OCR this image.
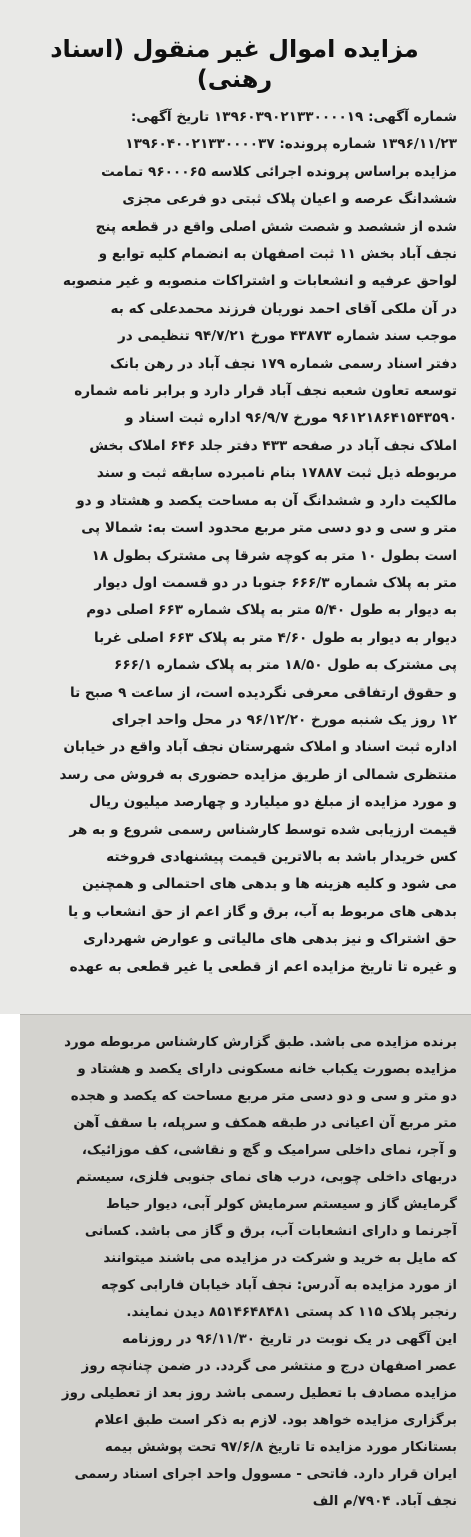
مزایده اموال غیر منقول (اسناد رهنی)
شماره آگهی: ۱۳۹۶۰۳۹۰۲۱۳۳۰۰۰۰۱۹ تاریخ آگهی:
۱۳۹۶/۱۱/۲۳ شماره پرونده: ۱۳۹۶۰۴۰۰۲۱۳۳۰۰۰۰۳۷
مزایده براساس پرونده اجرائی کلاسه ۹۶۰۰۰۶۵ تمامت
ششدانگ عرصه و اعیان پلاک ثبتی دو فرعی مجزی
شده از ششصد و شصت شش اصلی واقع در قطعه پنج
نجف آباد بخش ۱۱ ثبت اصفهان به انضمام کلیه توابع و
لواحق عرفیه و انشعابات و اشتراکات منصوبه و غیر منصوبه
در آن ملکی آقای احمد نوریان فرزند محمدعلی که به
موجب سند شماره ۴۳۸۷۳ مورخ ۹۴/۷/۲۱ تنظیمی در
دفتر اسناد رسمی شماره ۱۷۹ نجف آباد در رهن بانک
توسعه تعاون شعبه نجف آباد قرار دارد و برابر نامه شماره
۹۶۱۲۱۸۶۴۱۵۴۳۵۹۰ مورخ ۹۶/۹/۷ اداره ثبت اسناد و
املاک نجف آباد در صفحه ۴۳۳ دفتر جلد ۶۴۶ املاک بخش
مربوطه ذیل ثبت ۱۷۸۸۷ بنام نامبرده سابقه ثبت و سند
مالکیت دارد و ششدانگ آن به مساحت یکصد و هشتاد و دو
متر و سی و دو دسی متر مربع محدود است به: شمالا پی
است بطول ۱۰ متر به کوچه شرقا پی مشترک بطول ۱۸
متر به پلاک شماره ۶۶۶/۳ جنوبا در دو قسمت اول دیوار
به دیوار به طول ۵/۴۰ متر به پلاک شماره ۶۶۳ اصلی دوم
دیوار به دیوار به طول ۴/۶۰ متر به پلاک ۶۶۳ اصلی غربا
پی مشترک به طول ۱۸/۵۰ متر به پلاک شماره ۶۶۶/۱
و حقوق ارتفاقی معرفی نگردیده است، از ساعت ۹ صبح تا
۱۲ روز یک شنبه مورخ ۹۶/۱۲/۲۰ در محل واحد اجرای
اداره ثبت اسناد و املاک شهرستان نجف آباد واقع در خیابان
منتظری شمالی از طریق مزایده حضوری به فروش می رسد
و مورد مزایده از مبلغ دو میلیارد و چهارصد میلیون ریال
قیمت ارزیابی شده توسط کارشناس رسمی شروع و به هر
کس خریدار باشد به بالاترین قیمت پیشنهادی فروخته
می شود و کلیه هزینه ها و بدهی های احتمالی و همچنین
بدهی های مربوط به آب، برق و گاز اعم از حق انشعاب و یا
حق اشتراک و نیز بدهی های مالیاتی و عوارض شهرداری
و غیره تا تاریخ مزایده اعم از قطعی یا غیر قطعی به عهده
برنده مزایده می باشد. طبق گزارش کارشناس مربوطه مورد
مزایده بصورت یکباب خانه مسکونی دارای یکصد و هشتاد و
دو متر و سی و دو دسی متر مربع مساحت که یکصد و هجده
متر مربع آن اعیانی در طبقه همکف و سرپله، با سقف آهن
و آجر، نمای داخلی سرامیک و گچ و نقاشی، کف موزائیک،
دربهای داخلی چوبی، درب های نمای جنوبی فلزی، سیستم
گرمایش گاز و سیستم سرمایش کولر آبی، دیوار حیاط
آجرنما و دارای انشعابات آب، برق و گاز می باشد. کسانی
که مایل به خرید و شرکت در مزایده می باشند میتوانند
از مورد مزایده به آدرس: نجف آباد خیابان فارابی کوچه
رنجبر پلاک ۱۱۵ کد پستی ۸۵۱۴۶۴۸۴۸۱ دیدن نمایند.
این آگهی در یک نوبت در تاریخ ۹۶/۱۱/۳۰ در روزنامه
عصر اصفهان درج و منتشر می گردد. در ضمن چنانچه روز
مزایده مصادف با تعطیل رسمی باشد روز بعد از تعطیلی روز
برگزاری مزایده خواهد بود. لازم به ذکر است طبق اعلام
بستانکار مورد مزایده تا تاریخ ۹۷/۶/۸ تحت پوشش بیمه
ایران قرار دارد. فاتحی - مسوول واحد اجرای اسناد رسمی
نجف آباد. ۷۹۰۴/م الف
